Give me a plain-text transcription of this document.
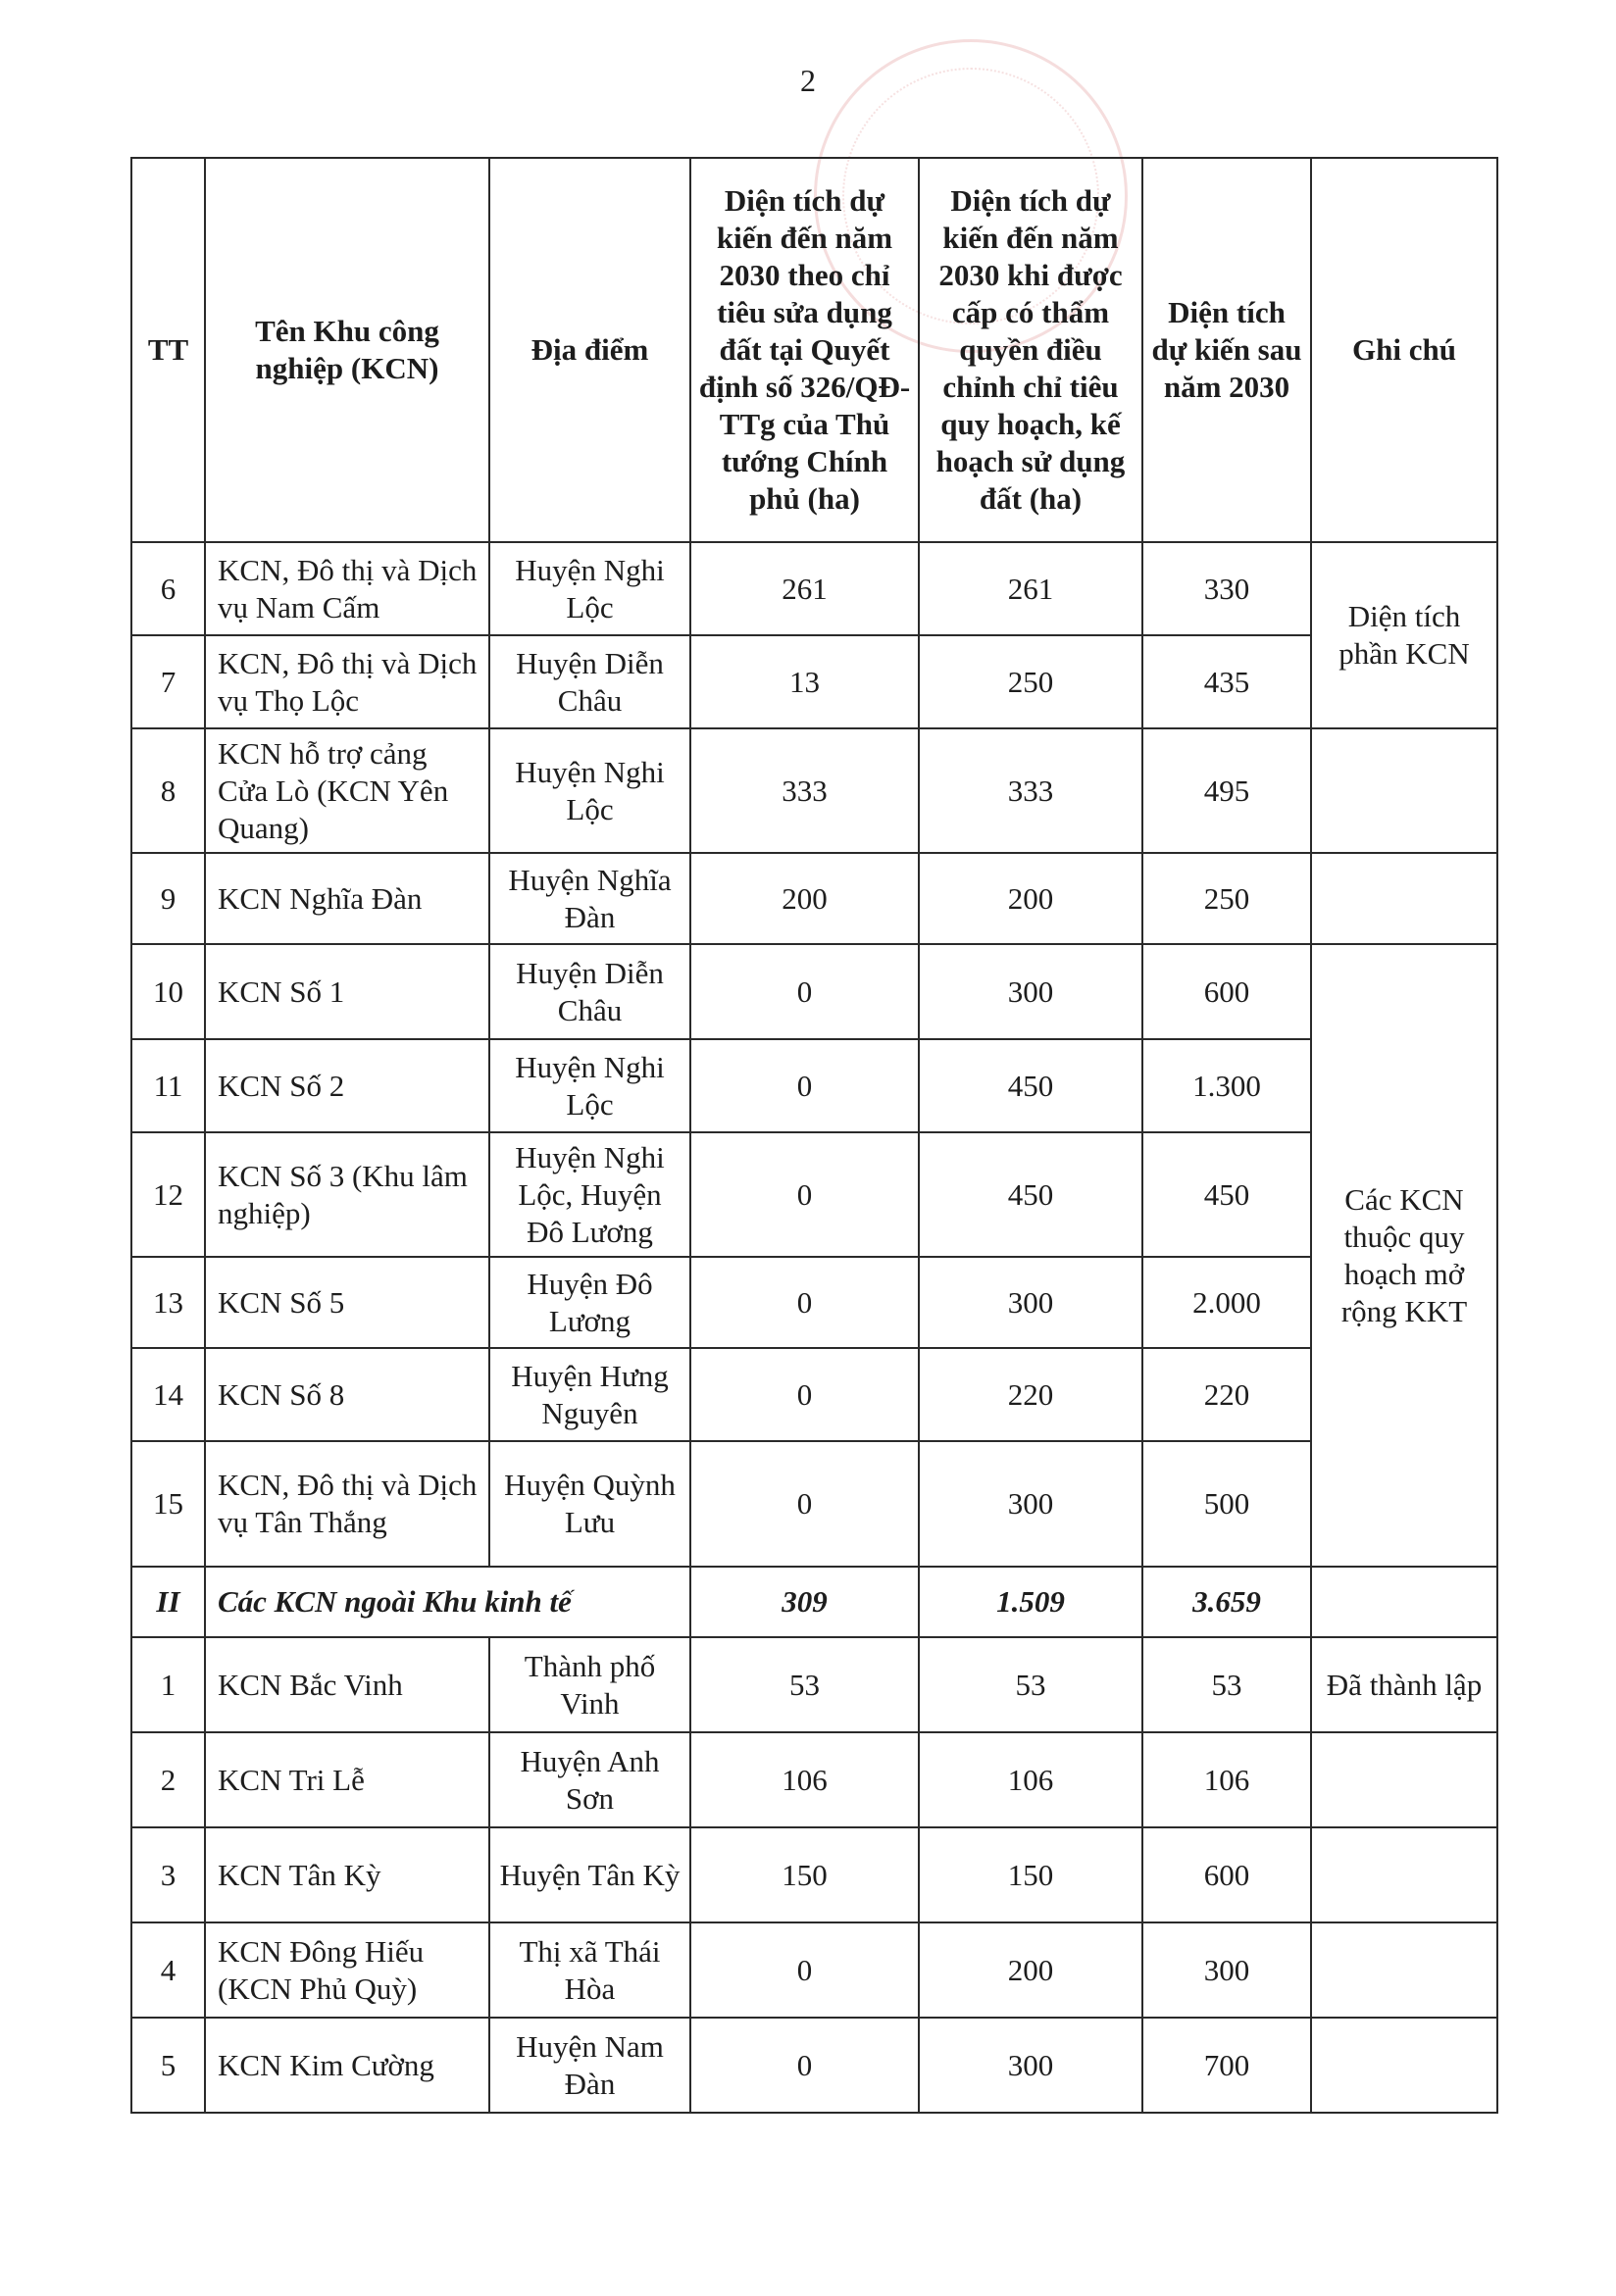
2
TT	Tên Khu công nghiệp (KCN)	Địa điểm	Diện tích dự kiến đến năm 2030 theo chỉ tiêu sửa dụng đất tại Quyết định số 326/QĐ-TTg của Thủ tướng Chính phủ (ha)	Diện tích dự kiến đến năm 2030 khi được cấp có thẩm quyền điều chỉnh chỉ tiêu quy hoạch, kế hoạch sử dụng đất (ha)	Diện tích dự kiến sau năm 2030	Ghi chú
6	KCN, Đô thị và Dịch vụ Nam Cấm	Huyện Nghi Lộc	261	261	330	Diện tích phần KCN
7	KCN, Đô thị và Dịch vụ Thọ Lộc	Huyện Diễn Châu	13	250	435	
8	KCN hỗ trợ cảng Cửa Lò (KCN Yên Quang)	Huyện Nghi Lộc	333	333	495	
9	KCN Nghĩa Đàn	Huyện Nghĩa Đàn	200	200	250	
10	KCN Số 1	Huyện Diễn Châu	0	300	600	Các KCN thuộc quy hoạch mở rộng KKT
11	KCN Số 2	Huyện Nghi Lộc	0	450	1.300	
12	KCN Số 3 (Khu lâm nghiệp)	Huyện Nghi Lộc, Huyện Đô Lương	0	450	450	
13	KCN Số 5	Huyện Đô Lương	0	300	2.000	
14	KCN Số 8	Huyện Hưng Nguyên	0	220	220	
15	KCN, Đô thị và Dịch vụ Tân Thắng	Huyện Quỳnh Lưu	0	300	500	
II	Các KCN ngoài Khu kinh tế		309	1.509	3.659	
1	KCN Bắc Vinh	Thành phố Vinh	53	53	53	Đã thành lập
2	KCN Tri Lễ	Huyện Anh Sơn	106	106	106	
3	KCN Tân Kỳ	Huyện Tân Kỳ	150	150	600	
4	KCN Đông Hiếu (KCN Phủ Quỳ)	Thị xã Thái Hòa	0	200	300	
5	KCN Kim Cường	Huyện Nam Đàn	0	300	700	
